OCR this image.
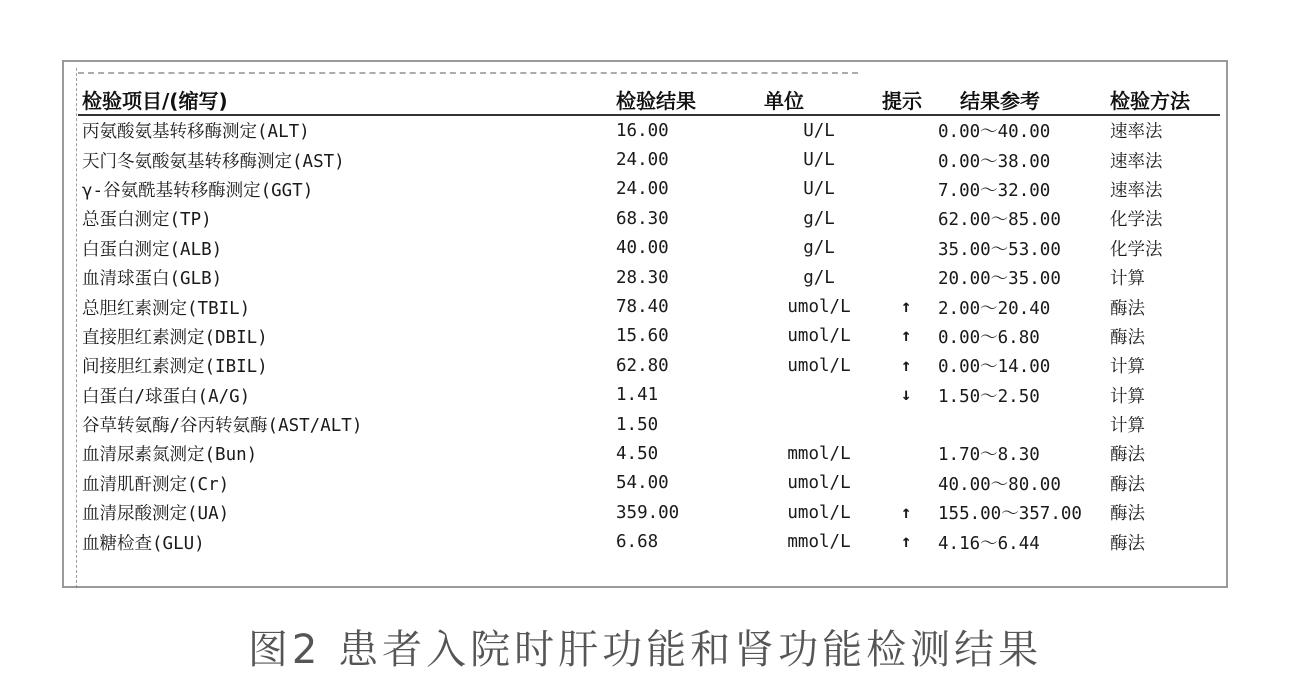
检验项目/(缩写)	检验结果	单位	提示	结果参考	检验方法
丙氨酸氨基转移酶测定(ALT)	16.00	U/L		0.00～40.00	速率法
天门冬氨酸氨基转移酶测定(AST)	24.00	U/L		0.00～38.00	速率法
γ-谷氨酰基转移酶测定(GGT)	24.00	U/L		7.00～32.00	速率法
总蛋白测定(TP)	68.30	g/L		62.00～85.00	化学法
白蛋白测定(ALB)	40.00	g/L		35.00～53.00	化学法
血清球蛋白(GLB)	28.30	g/L		20.00～35.00	计算
总胆红素测定(TBIL)	78.40	umol/L	↑	2.00～20.40	酶法
直接胆红素测定(DBIL)	15.60	umol/L	↑	0.00～6.80	酶法
间接胆红素测定(IBIL)	62.80	umol/L	↑	0.00～14.00	计算
白蛋白/球蛋白(A/G)	1.41		↓	1.50～2.50	计算
谷草转氨酶/谷丙转氨酶(AST/ALT)	1.50				计算
血清尿素氮测定(Bun)	4.50	mmol/L		1.70～8.30	酶法
血清肌酐测定(Cr)	54.00	umol/L		40.00～80.00	酶法
血清尿酸测定(UA)	359.00	umol/L	↑	155.00～357.00	酶法
血糖检查(GLU)	6.68	mmol/L	↑	4.16～6.44	酶法
图2 患者入院时肝功能和肾功能检测结果
